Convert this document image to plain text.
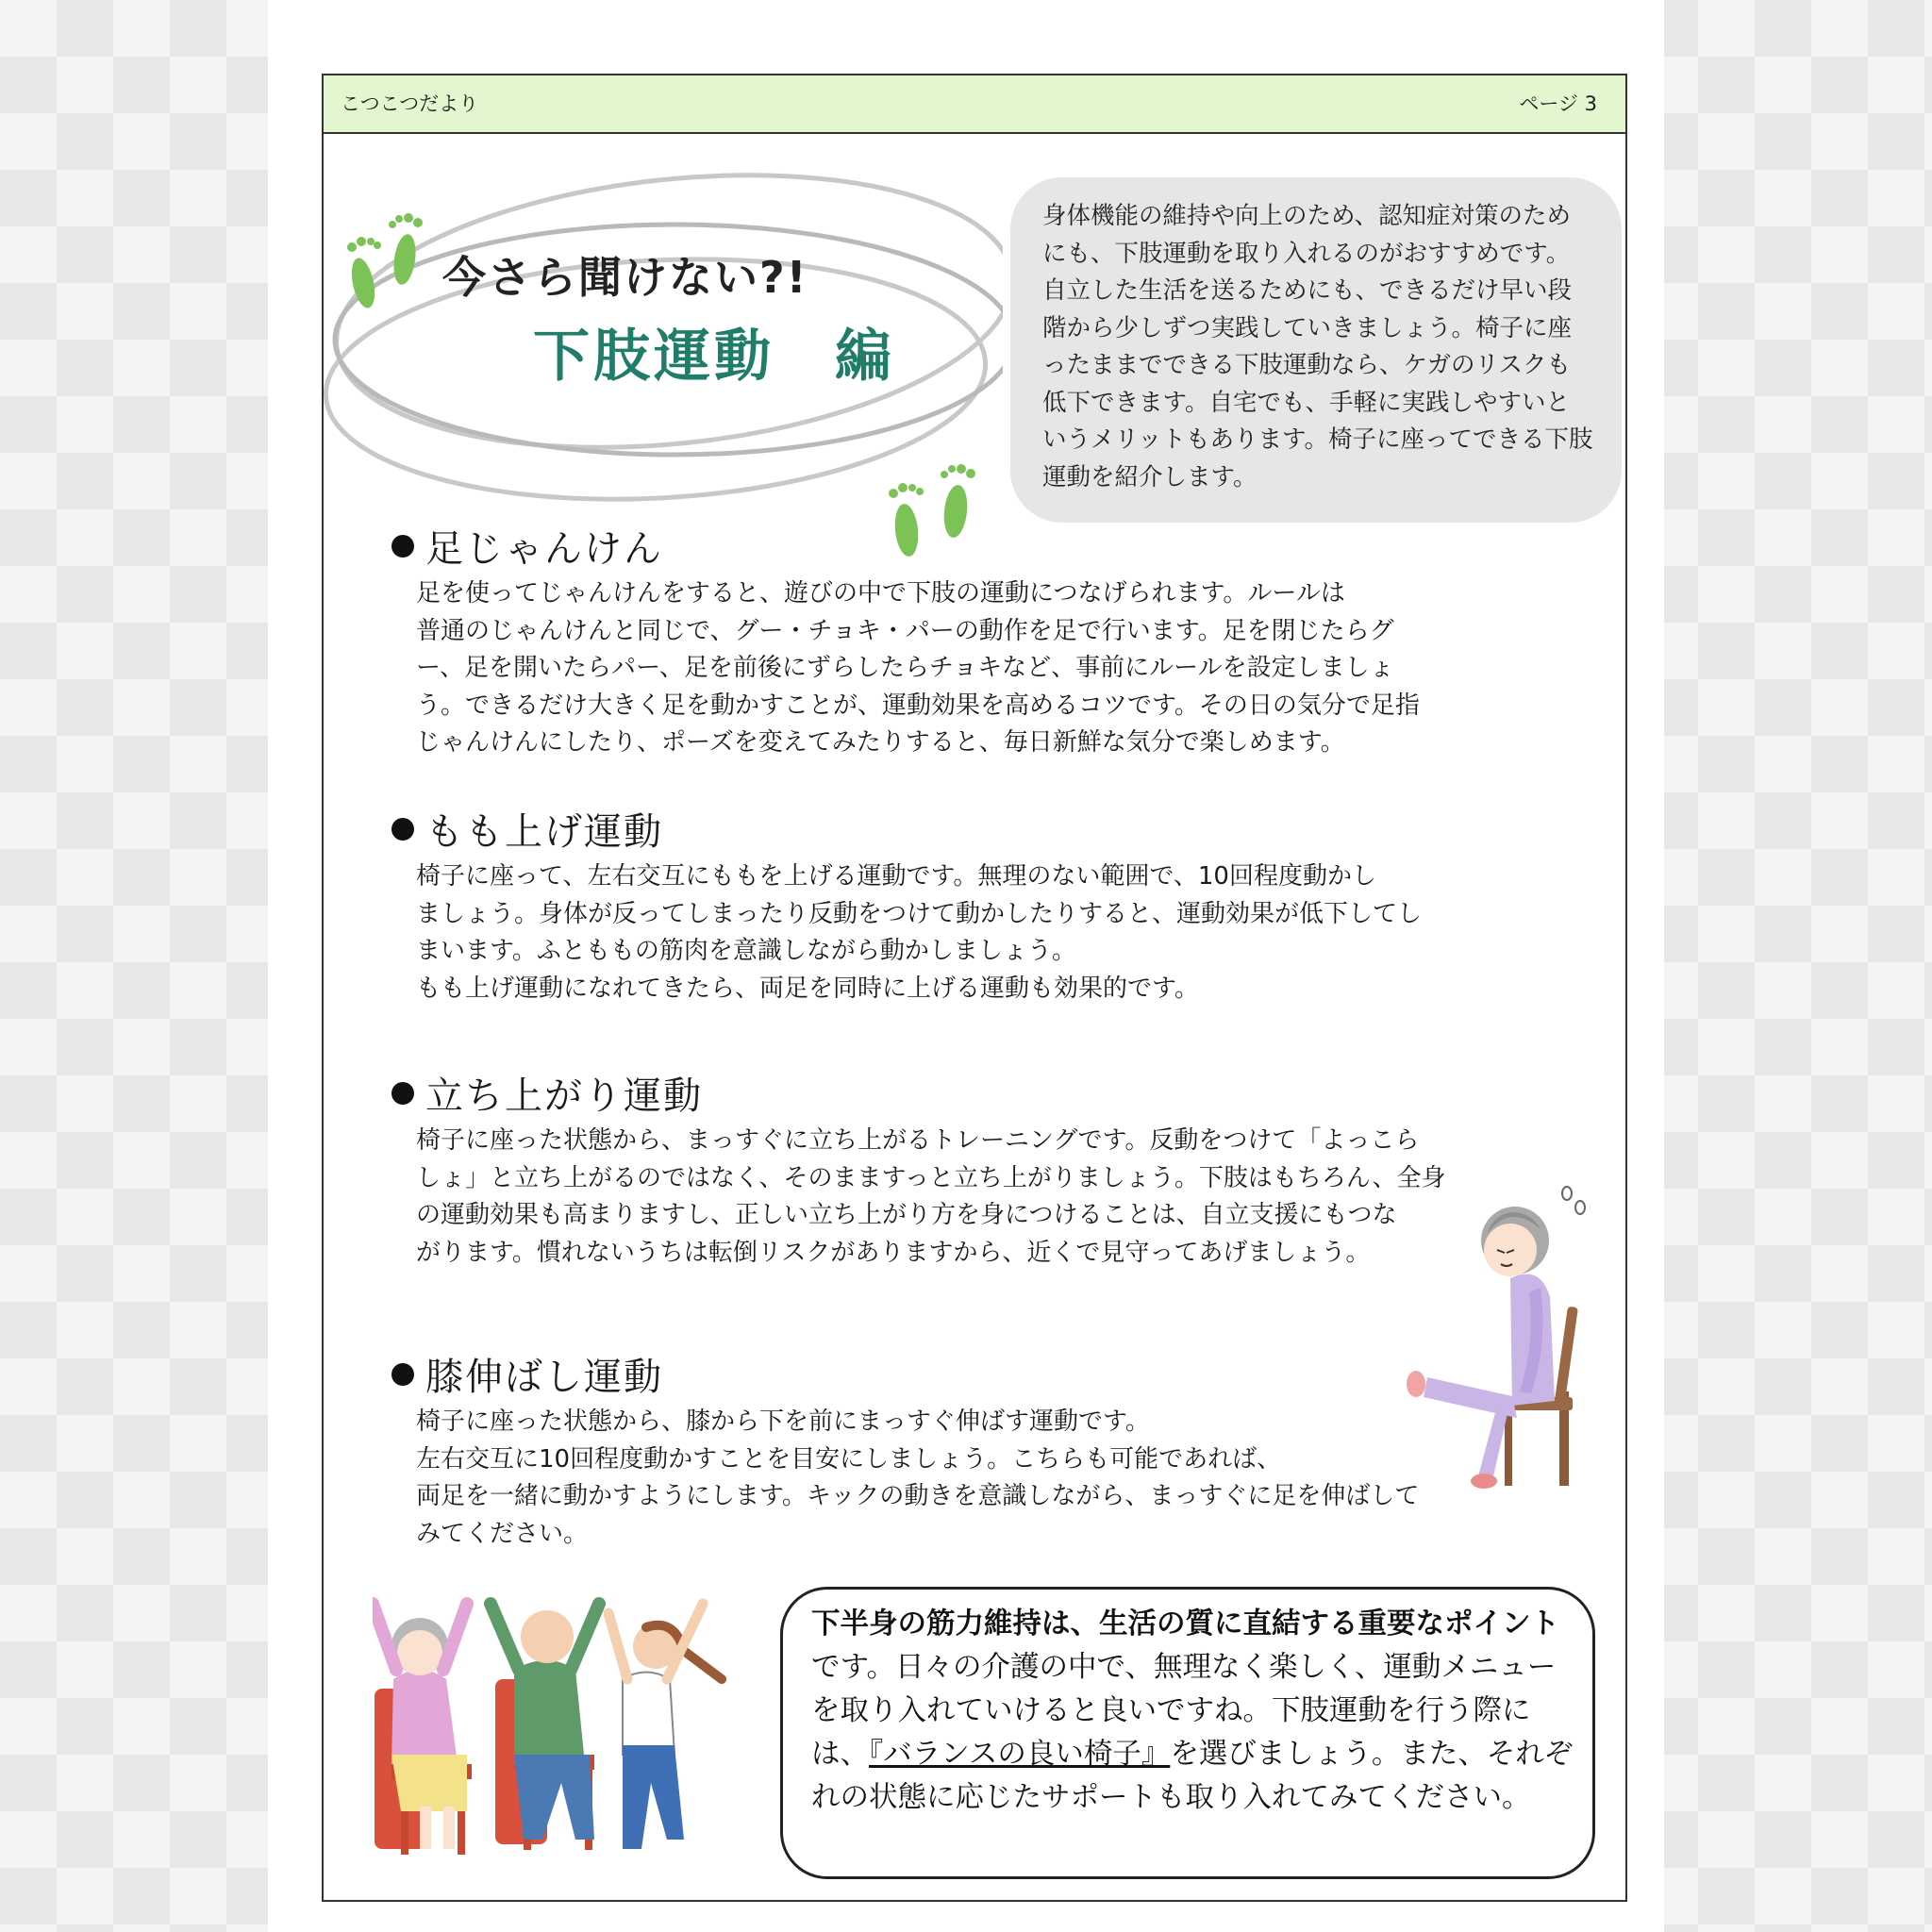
こつこつだより	ページ 3
今さら聞けない?!
下肢運動　編
身体機能の維持や向上のため、認知症対策のためにも、下肢運動を取り入れるのがおすすめです。自立した生活を送るためにも、できるだけ早い段階から少しずつ実践していきましょう。椅子に座ったままでできる下肢運動なら、ケガのリスクも低下できます。自宅でも、手軽に実践しやすいというメリットもあります。椅子に座ってできる下肢運動を紹介します。
足じゃんけん

足を使ってじゃんけんをすると、遊びの中で下肢の運動につなげられます。ルールは

普通のじゃんけんと同じで、グー・チョキ・パーの動作を足で行います。足を閉じたらグ

ー、足を開いたらパー、足を前後にずらしたらチョキなど、事前にルールを設定しましょ

う。できるだけ大きく足を動かすことが、運動効果を高めるコツです。その日の気分で足指

じゃんけんにしたり、ポーズを変えてみたりすると、毎日新鮮な気分で楽しめます。

もも上げ運動

椅子に座って、左右交互にももを上げる運動です。無理のない範囲で、10回程度動かし

ましょう。身体が反ってしまったり反動をつけて動かしたりすると、運動効果が低下してし

まいます。ふとももの筋肉を意識しながら動かしましょう。

もも上げ運動になれてきたら、両足を同時に上げる運動も効果的です。

立ち上がり運動

椅子に座った状態から、まっすぐに立ち上がるトレーニングです。反動をつけて「よっこら

しょ」と立ち上がるのではなく、そのまますっと立ち上がりましょう。下肢はもちろん、全身

の運動効果も高まりますし、正しい立ち上がり方を身につけることは、自立支援にもつな

がります。慣れないうちは転倒リスクがありますから、近くで見守ってあげましょう。

膝伸ばし運動

椅子に座った状態から、膝から下を前にまっすぐ伸ばす運動です。

左右交互に10回程度動かすことを目安にしましょう。こちらも可能であれば、

両足を一緒に動かすようにします。キックの動きを意識しながら、まっすぐに足を伸ばして

みてください。

下半身の筋力維持は、生活の質に直結する重要なポイントです。日々の介護の中で、無理なく楽しく、運動メニューを取り入れていけると良いですね。下肢運動を行う際には、『バランスの良い椅子』を選びましょう。また、それぞれの状態に応じたサポートも取り入れてみてください。
